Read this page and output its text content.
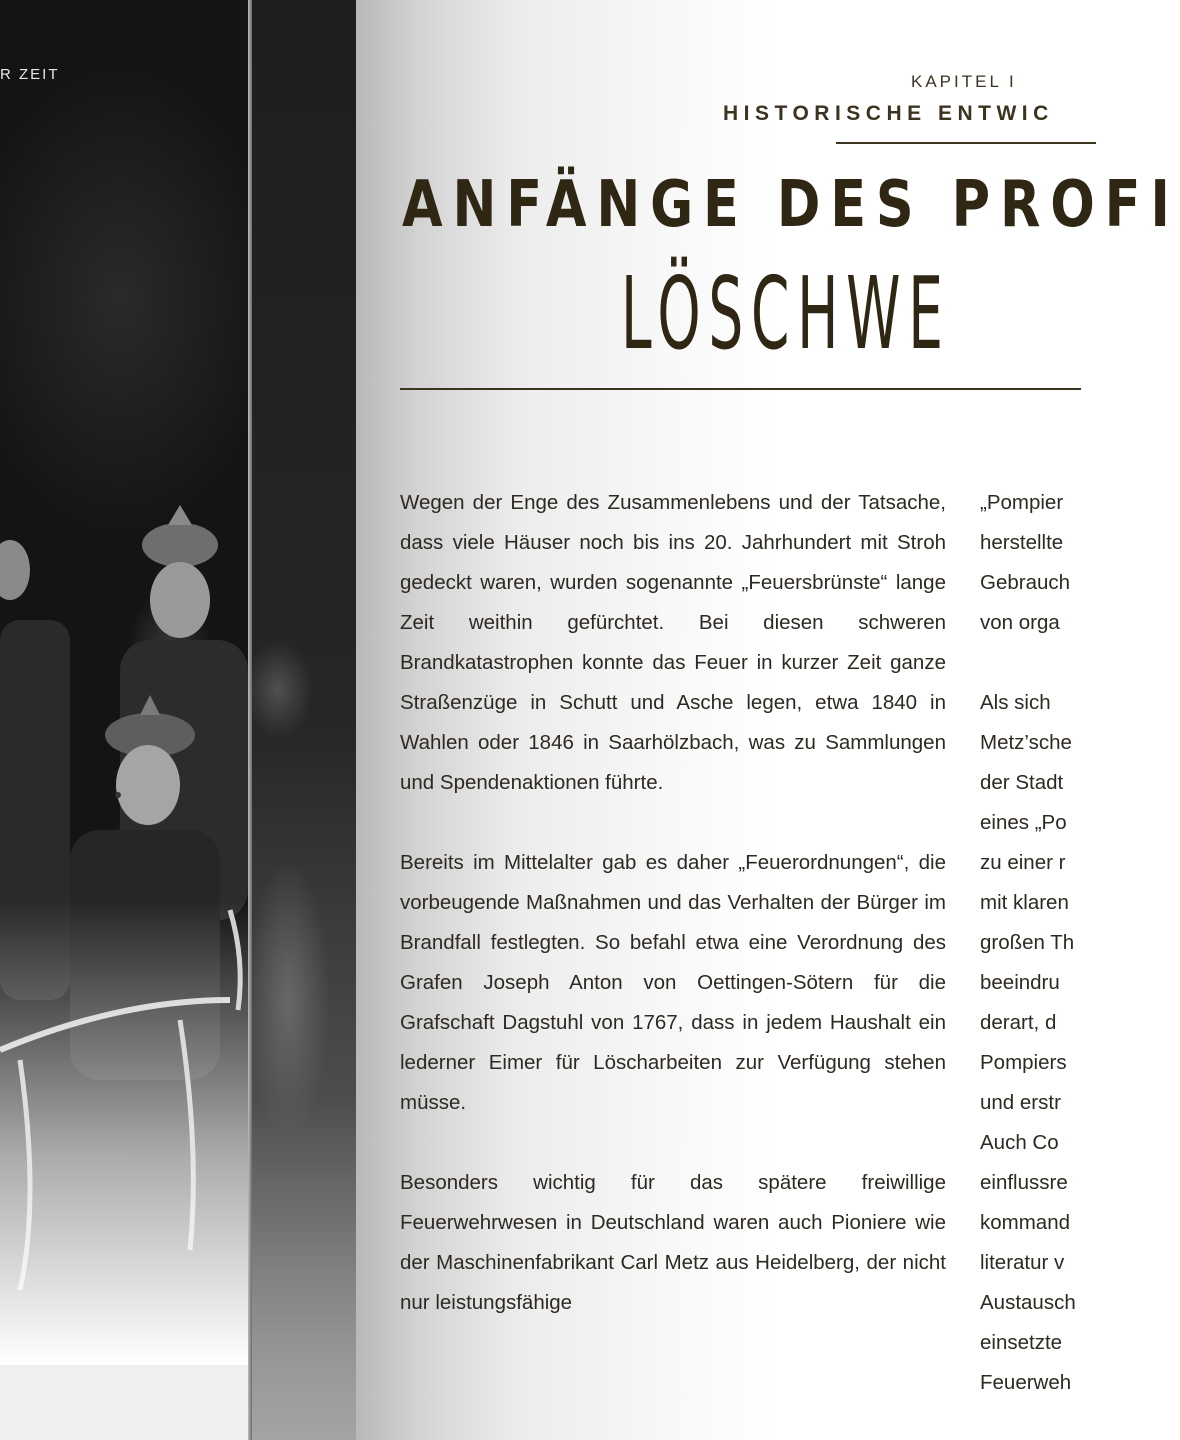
R ZEIT	KAPITEL I
HISTORISCHE ENTWIC
ANFÄNGE DES PROFI
LÖSCHWE

Wegen der Enge des Zusammenlebens und der Tatsache, dass viele Häuser noch bis ins 20. Jahrhundert mit Stroh gedeckt waren, wurden sogenannte „Feuersbrünste“ lange Zeit weithin gefürchtet. Bei diesen schweren Brandkatastrophen konnte das Feuer in kurzer Zeit ganze Straßenzüge in Schutt und Asche legen, etwa 1840 in Wahlen oder 1846 in Saarhölzbach, was zu Sammlungen und Spendenaktionen führte.

Bereits im Mittelalter gab es daher „Feuerordnungen“, die vorbeugende Maßnahmen und das Verhalten der Bürger im Brandfall festlegten. So befahl etwa eine Verordnung des Grafen Joseph Anton von Oettingen-Sötern für die Grafschaft Dagstuhl von 1767, dass in jedem Haushalt ein lederner Eimer für Löscharbeiten zur Verfügung stehen müsse.

Besonders wichtig für das spätere freiwillige Feuerwehrwesen in Deutschland waren auch Pioniere wie der Maschinenfabrikant Carl Metz aus Heidelberg, der nicht nur leistungsfähige

„Pompier
herstellte
Gebrauch
von orga
Als sich
Metz’sche
der Stadt
eines „Po
zu einer r
mit klaren
großen Th
beeindru
derart, d
Pompiers
und erstr
Auch Co
einflussre
kommand
literatur v
Austausch
einsetzte
Feuerweh
